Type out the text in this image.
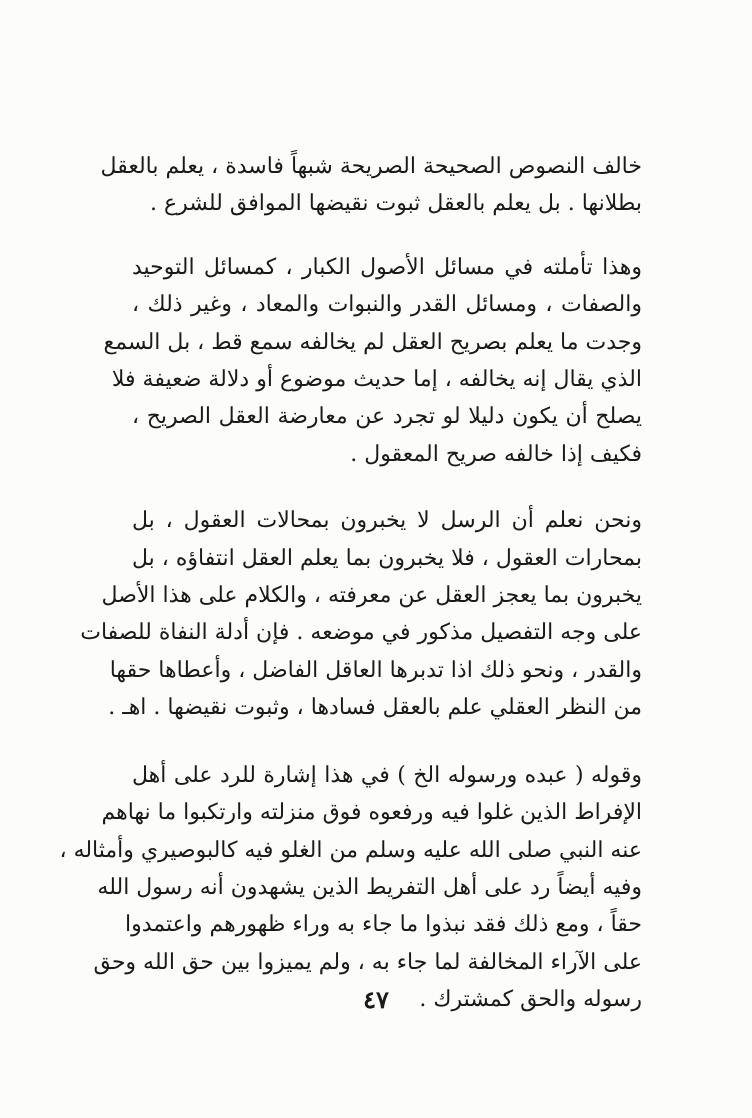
خالف النصوص الصحيحة الصريحة شبهاً فاسدة ، يعلم بالعقل
بطلانها . بل يعلم بالعقل ثبوت نقيضها الموافق للشرع .

وهذا تأملته في مسائل الأصول الكبار ، كمسائل التوحيد
والصفات ، ومسائل القدر والنبوات والمعاد ، وغير ذلك ،
وجدت ما يعلم بصريح العقل لم يخالفه سمع قط ، بل السمع
الذي يقال إنه يخالفه ، إما حديث موضوع أو دلالة ضعيفة فلا
يصلح أن يكون دليلا لو تجرد عن معارضة العقل الصريح ،
فكيف إذا خالفه صريح المعقول .

ونحن نعلم أن الرسل لا يخبرون بمحالات العقول ، بل
بمحارات العقول ، فلا يخبرون بما يعلم العقل انتفاؤه ، بل
يخبرون بما يعجز العقل عن معرفته ، والكلام على هذا الأصل
على وجه التفصيل مذكور في موضعه . فإن أدلة النفاة للصفات
والقدر ، ونحو ذلك اذا تدبرها العاقل الفاضل ، وأعطاها حقها
من النظر العقلي علم بالعقل فسادها ، وثبوت نقيضها . اهـ .

وقوله ( عبده ورسوله الخ ) في هذا إشارة للرد على أهل
الإفراط الذين غلوا فيه ورفعوه فوق منزلته وارتكبوا ما نهاهم
عنه النبي صلى الله عليه وسلم من الغلو فيه كالبوصيري وأمثاله ،
وفيه أيضاً رد على أهل التفريط الذين يشهدون أنه رسول الله
حقاً ، ومع ذلك فقد نبذوا ما جاء به وراء ظهورهم واعتمدوا
على الآراء المخالفة لما جاء به ، ولم يميزوا بين حق الله وحق
رسوله والحق كمشترك .

٤٧
